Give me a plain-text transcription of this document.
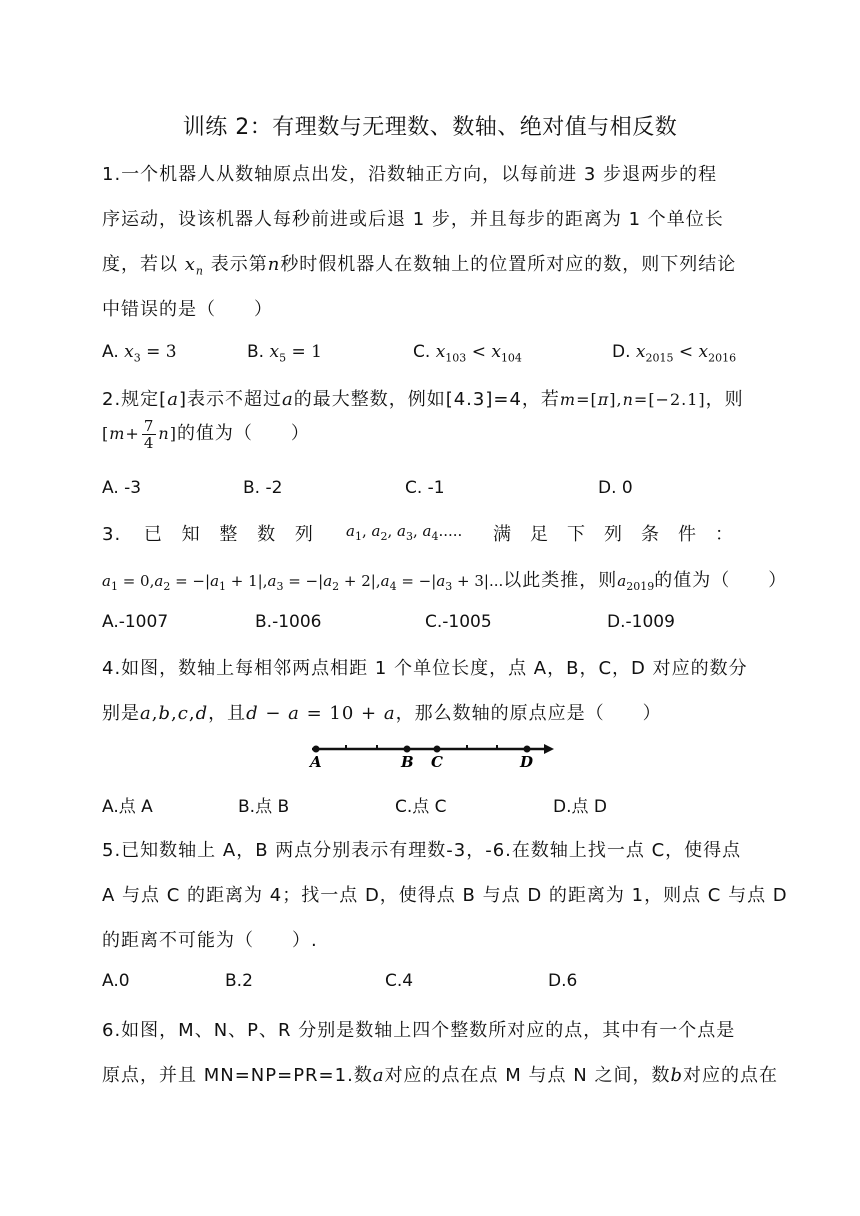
训练 2：有理数与无理数、数轴、绝对值与相反数
1.一个机器人从数轴原点出发，沿数轴正方向，以每前进 3 步退两步的程
序运动，设该机器人每秒前进或后退 1 步，并且每步的距离为 1 个单位长
度，若以 $x_n$ 表示第n秒时假机器人在数轴上的位置所对应的数，则下列结论
中错误的是（　　）
A. $x_3 = 3$	B. $x_5 = 1$	C. $x_{103} < x_{104}$	D. $x_{2015} < x_{2016}$
2.规定[a]表示不超过a的最大整数，例如[4.3]=4，若m=[π],n=[−2.1]，则
$[m+ \frac{7}{4} n]$的值为（　　）
A. -3	B. -2	C. -1	D. 0
3. 已 知 整 数 列 $a_1$, $a_2$, $a_3$, $a_4$..... 满 足 下 列 条 件 ：
$a_1 = 0,a_2 = -|a_1 + 1|,a_3 = -|a_2 + 2|,a_4 = -|a_3 + 3|$...以此类推，则$a_{2019}$的值为（　　）
A.-1007	B.-1006	C.-1005	D.-1009
4.如图，数轴上每相邻两点相距 1 个单位长度，点 A，B，C，D 对应的数分
别是a,b,c,d，且d − a = 10 + a，那么数轴的原点应是（　　）
A	B C	D
A.点 A	B.点 B	C.点 C	D.点 D
5.已知数轴上 A，B 两点分别表示有理数-3，-6.在数轴上找一点 C，使得点
A 与点 C 的距离为 4；找一点 D，使得点 B 与点 D 的距离为 1，则点 C 与点 D
的距离不可能为（　　）.
A.0	B.2	C.4	D.6
6.如图，M、N、P、R 分别是数轴上四个整数所对应的点，其中有一个点是
原点，并且 MN=NP=PR=1.数a对应的点在点 M 与点 N 之间，数b对应的点在
